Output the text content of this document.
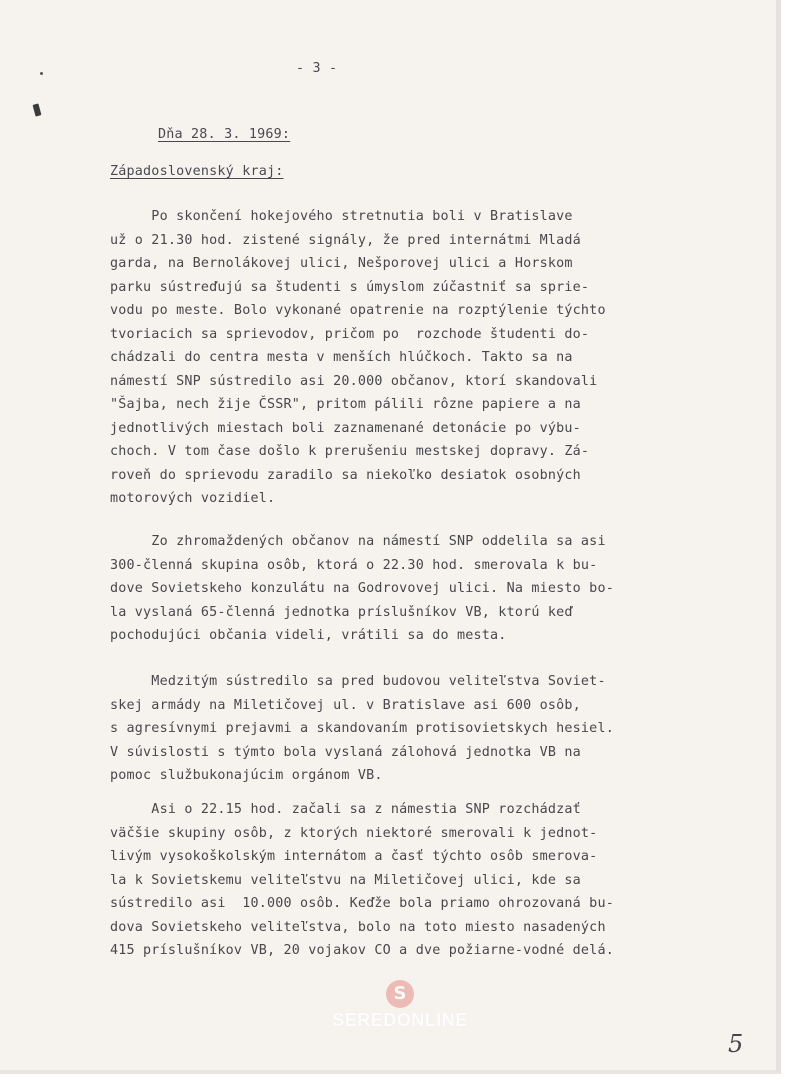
- 3 -
Dňa 28. 3. 1969:
Západoslovenský kraj:
Po skončení hokejového stretnutia boli v Bratislave
už o 21.30 hod. zistené signály, že pred internátmi Mladá
garda, na Bernolákovej ulici, Nešporovej ulici a Horskom
parku sústreďujú sa študenti s úmyslom zúčastniť sa sprie-
vodu po meste. Bolo vykonané opatrenie na rozptýlenie týchto
tvoriacich sa sprievodov, pričom po  rozchode študenti do-
chádzali do centra mesta v menších hlúčkoch. Takto sa na
námestí SNP sústredilo asi 20.000 občanov, ktorí skandovali
"Šajba, nech žije ČSSR", pritom pálili rôzne papiere a na
jednotlivých miestach boli zaznamenané detonácie po výbu-
choch. V tom čase došlo k prerušeniu mestskej dopravy. Zá-
roveň do sprievodu zaradilo sa niekoľko desiatok osobných
motorových vozidiel.
Zo zhromaždených občanov na námestí SNP oddelila sa asi
300-členná skupina osôb, ktorá o 22.30 hod. smerovala k bu-
dove Sovietskeho konzulátu na Godrovovej ulici. Na miesto bo-
la vyslaná 65-členná jednotka príslušníkov VB, ktorú keď
pochodujúci občania videli, vrátili sa do mesta.
Medzitým sústredilo sa pred budovou veliteľstva Soviet-
skej armády na Miletičovej ul. v Bratislave asi 600 osôb,
s agresívnymi prejavmi a skandovaním protisovietskych hesiel.
V súvislosti s týmto bola vyslaná zálohová jednotka VB na
pomoc službukonajúcim orgánom VB.
Asi o 22.15 hod. začali sa z námestia SNP rozchádzať
väčšie skupiny osôb, z ktorých niektoré smerovali k jednot-
livým vysokoškolským internátom a časť týchto osôb smerova-
la k Sovietskemu veliteľstvu na Miletičovej ulici, kde sa
sústredilo asi  10.000 osôb. Keďže bola priamo ohrozovaná bu-
dova Sovietskeho veliteľstva, bolo na toto miesto nasadených
415 príslušníkov VB, 20 vojakov CO a dve požiarne-vodné delá.
S
SEREDONLINE
5
